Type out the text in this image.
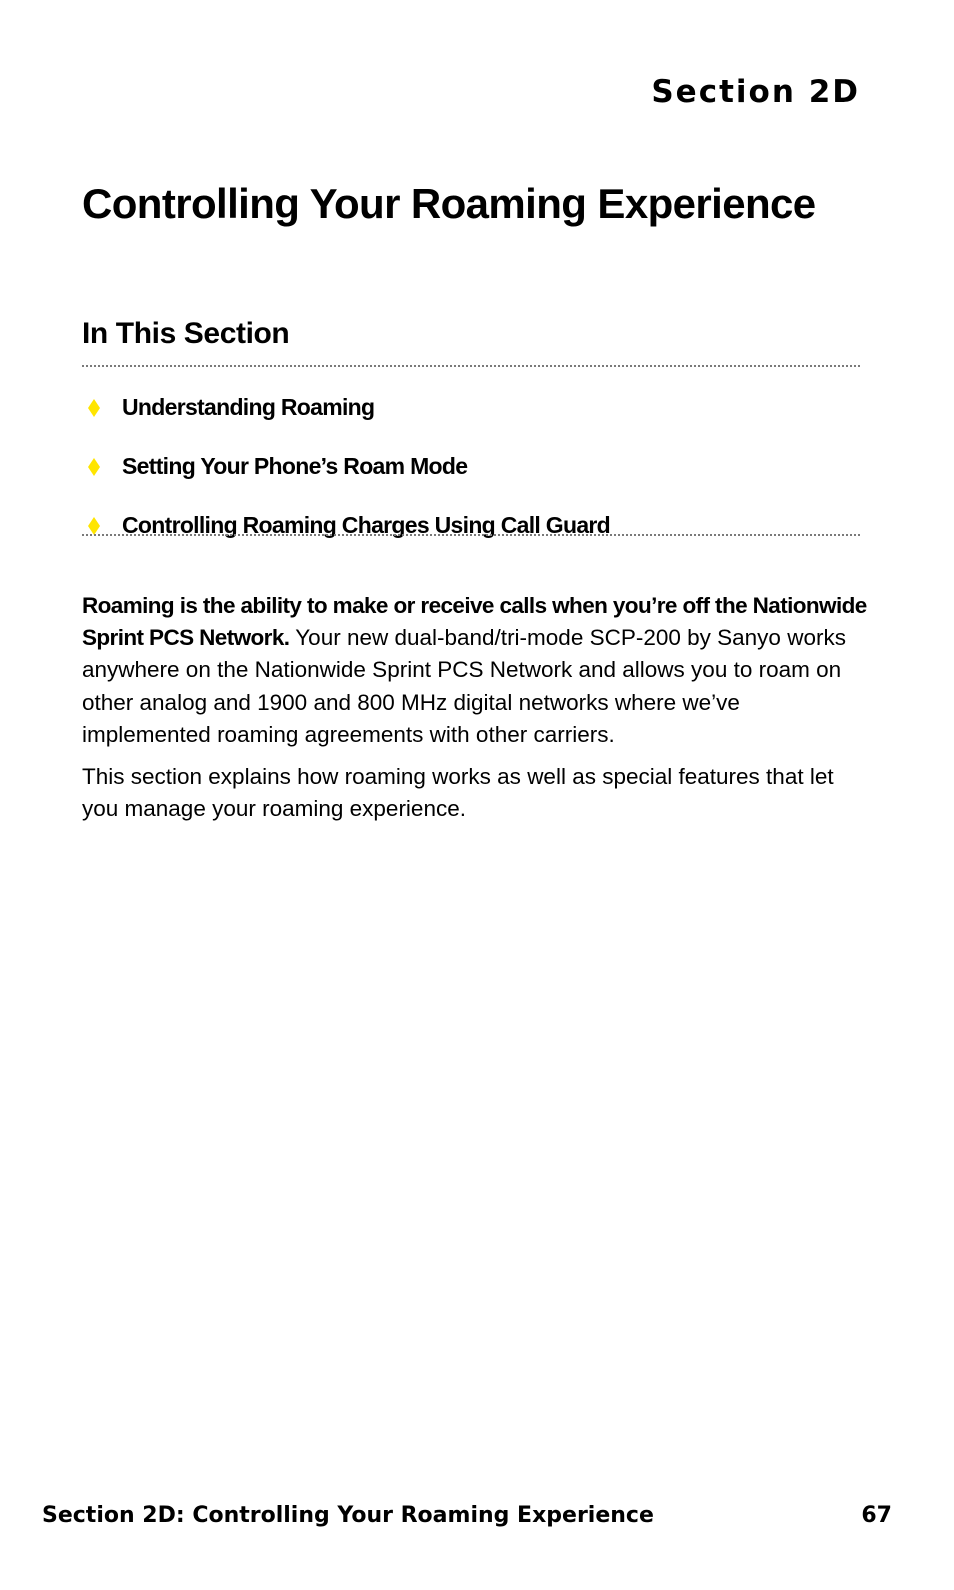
Section 2D
Controlling Your Roaming Experience
In This Section
Understanding Roaming
Setting Your Phone’s Roam Mode
Controlling Roaming Charges Using Call Guard

Roaming is the ability to make or receive calls when you’re off the Nationwide Sprint PCS Network. Your new dual-band/tri-mode SCP-200 by Sanyo works anywhere on the Nationwide Sprint PCS Network and allows you to roam on other analog and 1900 and 800 MHz digital networks where we’ve implemented roaming agreements with other carriers.

This section explains how roaming works as well as special features that let you manage your roaming experience.

Section 2D: Controlling Your Roaming Experience	67
